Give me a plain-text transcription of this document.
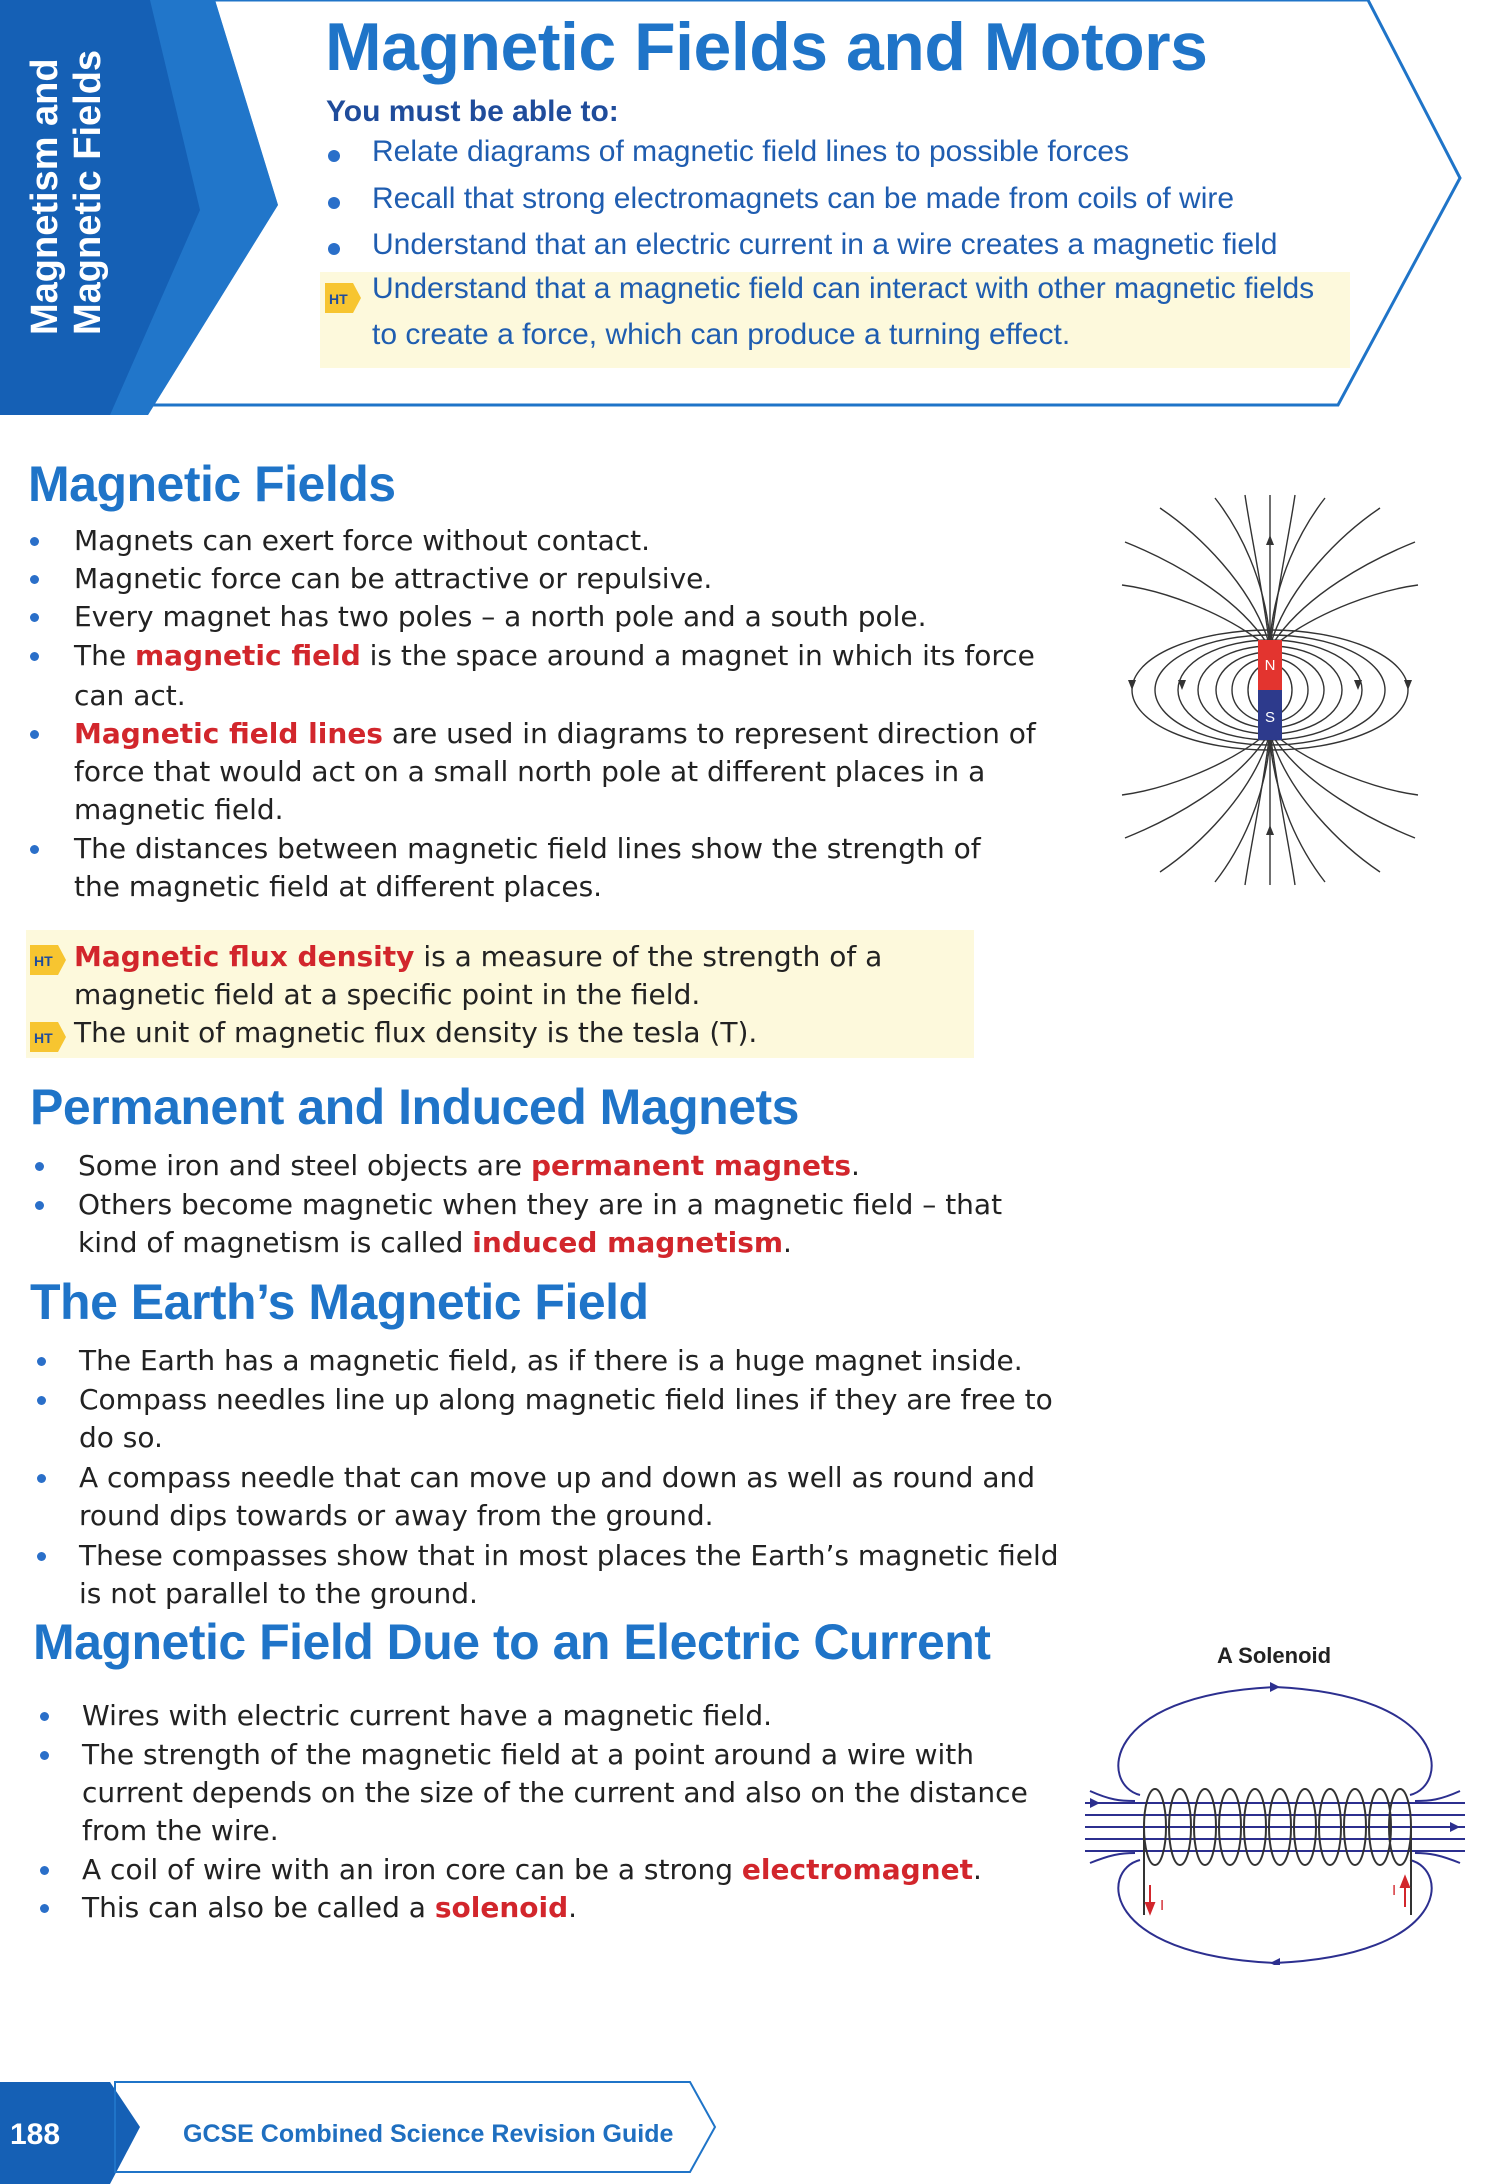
Magnetism and Magnetic Fields
Magnetic Fields and Motors
You must be able to:
Relate diagrams of magnetic field lines to possible forces
Recall that strong electromagnets can be made from coils of wire
Understand that an electric current in a wire creates a magnetic field
HT Understand that a magnetic field can interact with other magnetic fields
to create a force, which can produce a turning effect.
Magnetic Fields
Magnets can exert force without contact.
Magnetic force can be attractive or repulsive.
Every magnet has two poles – a north pole and a south pole.
The magnetic field is the space around a magnet in which its force
can act.
Magnetic field lines are used in diagrams to represent direction of
force that would act on a small north pole at different places in a
magnetic field.
The distances between magnetic field lines show the strength of
the magnetic field at different places.
HT Magnetic flux density is a measure of the strength of a
magnetic field at a specific point in the field.
HT The unit of magnetic flux density is the tesla (T).
Permanent and Induced Magnets
Some iron and steel objects are permanent magnets.
Others become magnetic when they are in a magnetic field – that
kind of magnetism is called induced magnetism.
The Earth’s Magnetic Field
The Earth has a magnetic field, as if there is a huge magnet inside.
Compass needles line up along magnetic field lines if they are free to
do so.
A compass needle that can move up and down as well as round and
round dips towards or away from the ground.
These compasses show that in most places the Earth’s magnetic field
is not parallel to the ground.
Magnetic Field Due to an Electric Current
Wires with electric current have a magnetic field.
The strength of the magnetic field at a point around a wire with
current depends on the size of the current and also on the distance
from the wire.
A coil of wire with an iron core can be a strong electromagnet.
This can also be called a solenoid.
N
S
A Solenoid
I
I
188	GCSE Combined Science Revision Guide
